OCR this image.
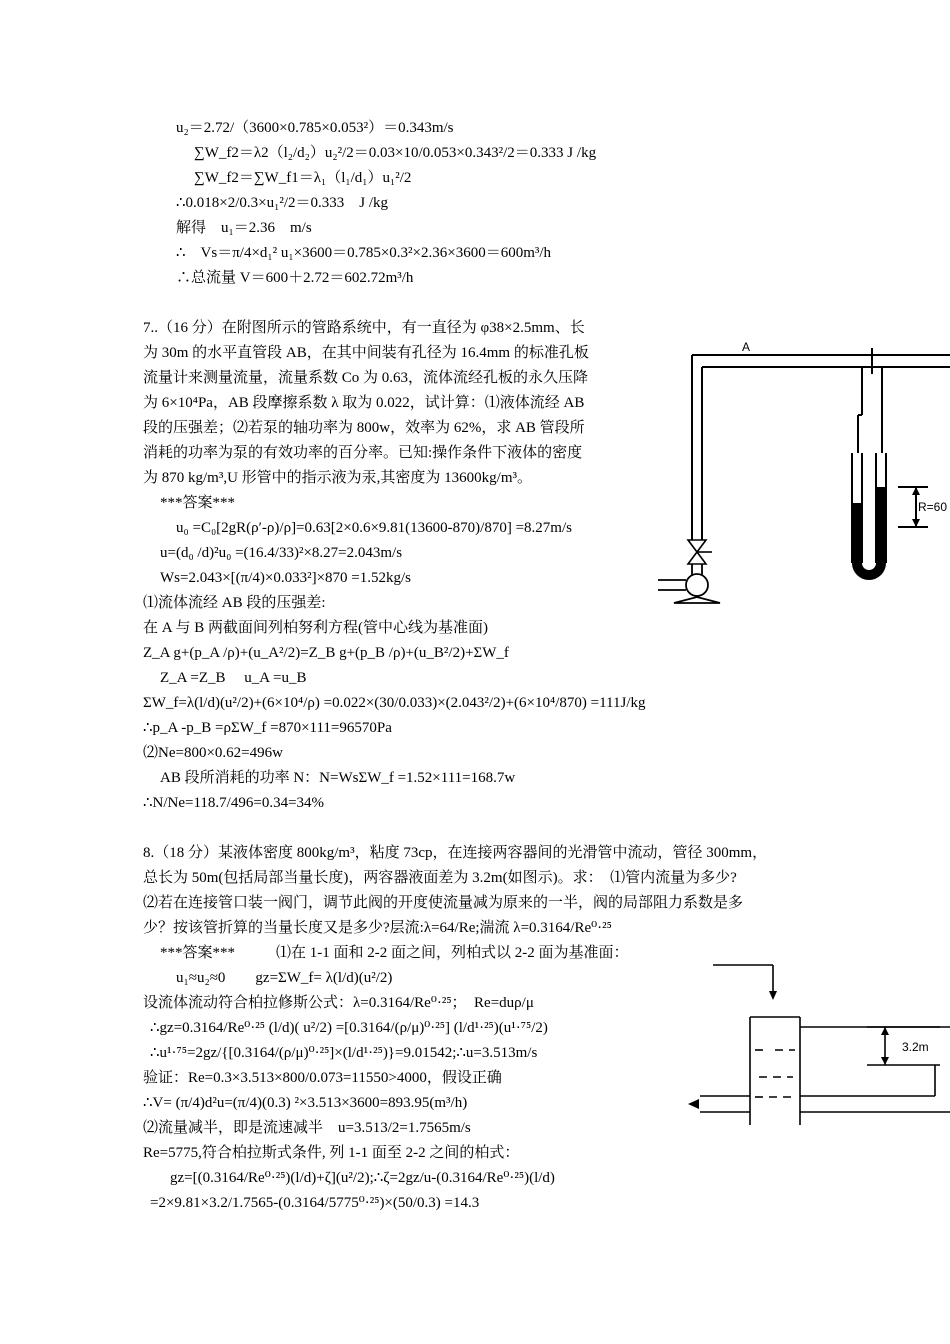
u₂＝2.72/（3600×0.785×0.053²）＝0.343m/s
∑W_f2＝λ2（l₂/d₂）u₂²/2＝0.03×10/0.053×0.343²/2＝0.333 J /kg
∑W_f2＝∑W_f1＝λ₁（l₁/d₁）u₁²/2
∴0.018×2/0.3×u₁²/2＝0.333　J /kg
解得　u₁＝2.36　m/s
∴　Vs＝π/4×d₁² u₁×3600＝0.785×0.3²×2.36×3600＝600m³/h
∴总流量 V＝600＋2.72＝602.72m³/h
7..（16 分）在附图所示的管路系统中，有一直径为 φ38×2.5mm、长
为 30m 的水平直管段 AB，在其中间装有孔径为 16.4mm 的标准孔板
流量计来测量流量，流量系数 Co 为 0.63，流体流经孔板的永久压降
为 6×10⁴Pa，AB 段摩擦系数 λ 取为 0.022，试计算：⑴液体流经 AB
段的压强差；⑵若泵的轴功率为 800w，效率为 62%，求 AB 管段所
消耗的功率为泵的有效功率的百分率。已知:操作条件下液体的密度
为 870 kg/m³,U 形管中的指示液为汞,其密度为 13600kg/m³。
***答案***
u₀ =C₀[2gR(ρ′-ρ)/ρ]=0.63[2×0.6×9.81(13600-870)/870] =8.27m/s
u=(d₀ /d)²u₀ =(16.4/33)²×8.27=2.043m/s
Ws=2.043×[(π/4)×0.033²]×870 =1.52kg/s
⑴流体流经 AB 段的压强差:
在 A 与 B 两截面间列柏努利方程(管中心线为基准面)
Z_A g+(p_A /ρ)+(u_A²/2)=Z_B g+(p_B /ρ)+(u_B²/2)+ΣW_f
Z_A =Z_B　 u_A =u_B
ΣW_f=λ(l/d)(u²/2)+(6×10⁴/ρ) =0.022×(30/0.033)×(2.043²/2)+(6×10⁴/870) =111J/kg
∴p_A -p_B =ρΣW_f =870×111=96570Pa
⑵Ne=800×0.62=496w
AB 段所消耗的功率 N：N=WsΣW_f =1.52×111=168.7w
∴N/Ne=118.7/496=0.34=34%
A
R=60
8.（18 分）某液体密度 800kg/m³，粘度 73cp，在连接两容器间的光滑管中流动，管径 300mm，
总长为 50m(包括局部当量长度)，两容器液面差为 3.2m(如图示)。求：　⑴管内流量为多少?
⑵若在连接管口装一阀门，调节此阀的开度使流量减为原来的一半，阀的局部阻力系数是多
少？按该管折算的当量长度又是多少?层流:λ=64/Re;湍流 λ=0.3164/Re⁰·²⁵
***答案***	⑴在 1-1 面和 2-2 面之间，列柏式以 2-2 面为基准面：
u₁≈u₂≈0　　gz=ΣW_f= λ(l/d)(u²/2)
设流体流动符合柏拉修斯公式：λ=0.3164/Re⁰·²⁵；　Re=duρ/μ
∴gz=0.3164/Re⁰·²⁵ (l/d)( u²/2) =[0.3164/(ρ/μ)⁰·²⁵] (l/d¹·²⁵)(u¹·⁷⁵/2)
∴u¹·⁷⁵=2gz/{[0.3164/(ρ/μ)⁰·²⁵]×(l/d¹·²⁵)}=9.01542;∴u=3.513m/s
验证：Re=0.3×3.513×800/0.073=11550>4000，假设正确
∴V= (π/4)d²u=(π/4)(0.3) ²×3.513×3600=893.95(m³/h)
⑵流量减半，即是流速减半　u=3.513/2=1.7565m/s
Re=5775,符合柏拉斯式条件, 列 1-1 面至 2-2 之间的柏式：
gz=[(0.3164/Re⁰·²⁵)(l/d)+ζ](u²/2);∴ζ=2gz/u-(0.3164/Re⁰·²⁵)(l/d)
=2×9.81×3.2/1.7565-(0.3164/5775⁰·²⁵)×(50/0.3) =14.3
3.2m
